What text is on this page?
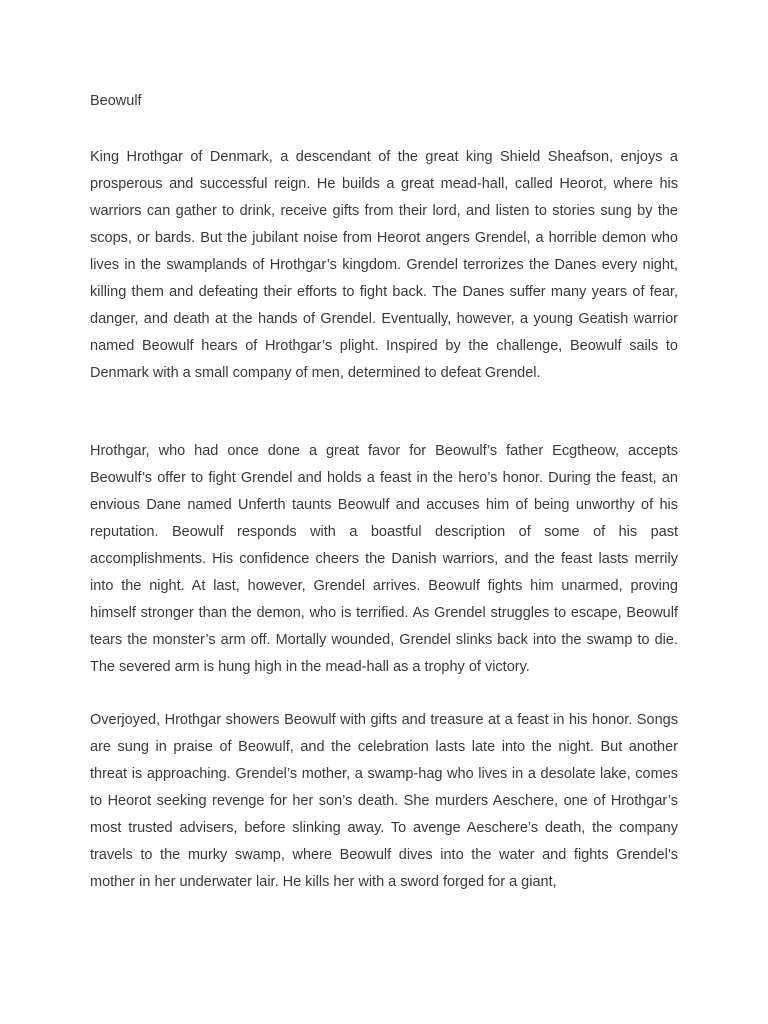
Beowulf

King Hrothgar of Denmark, a descendant of the great king Shield Sheafson, enjoys a prosperous and successful reign. He builds a great mead-hall, called Heorot, where his warriors can gather to drink, receive gifts from their lord, and listen to stories sung by the scops, or bards. But the jubilant noise from Heorot angers Grendel, a horrible demon who lives in the swamplands of Hrothgar’s kingdom. Grendel terrorizes the Danes every night, killing them and defeating their efforts to fight back. The Danes suffer many years of fear, danger, and death at the hands of Grendel. Eventually, however, a young Geatish warrior named Beowulf hears of Hrothgar’s plight. Inspired by the challenge, Beowulf sails to Denmark with a small company of men, determined to defeat Grendel.

Hrothgar, who had once done a great favor for Beowulf’s father Ecgtheow, accepts Beowulf’s offer to fight Grendel and holds a feast in the hero’s honor. During the feast, an envious Dane named Unferth taunts Beowulf and accuses him of being unworthy of his reputation. Beowulf responds with a boastful description of some of his past accomplishments. His confidence cheers the Danish warriors, and the feast lasts merrily into the night. At last, however, Grendel arrives. Beowulf fights him unarmed, proving himself stronger than the demon, who is terrified. As Grendel struggles to escape, Beowulf tears the monster’s arm off. Mortally wounded, Grendel slinks back into the swamp to die. The severed arm is hung high in the mead-hall as a trophy of victory.

Overjoyed, Hrothgar showers Beowulf with gifts and treasure at a feast in his honor. Songs are sung in praise of Beowulf, and the celebration lasts late into the night. But another threat is approaching. Grendel’s mother, a swamp-hag who lives in a desolate lake, comes to Heorot seeking revenge for her son’s death. She murders Aeschere, one of Hrothgar’s most trusted advisers, before slinking away. To avenge Aeschere’s death, the company travels to the murky swamp, where Beowulf dives into the water and fights Grendel’s mother in her underwater lair. He kills her with a sword forged for a giant,
